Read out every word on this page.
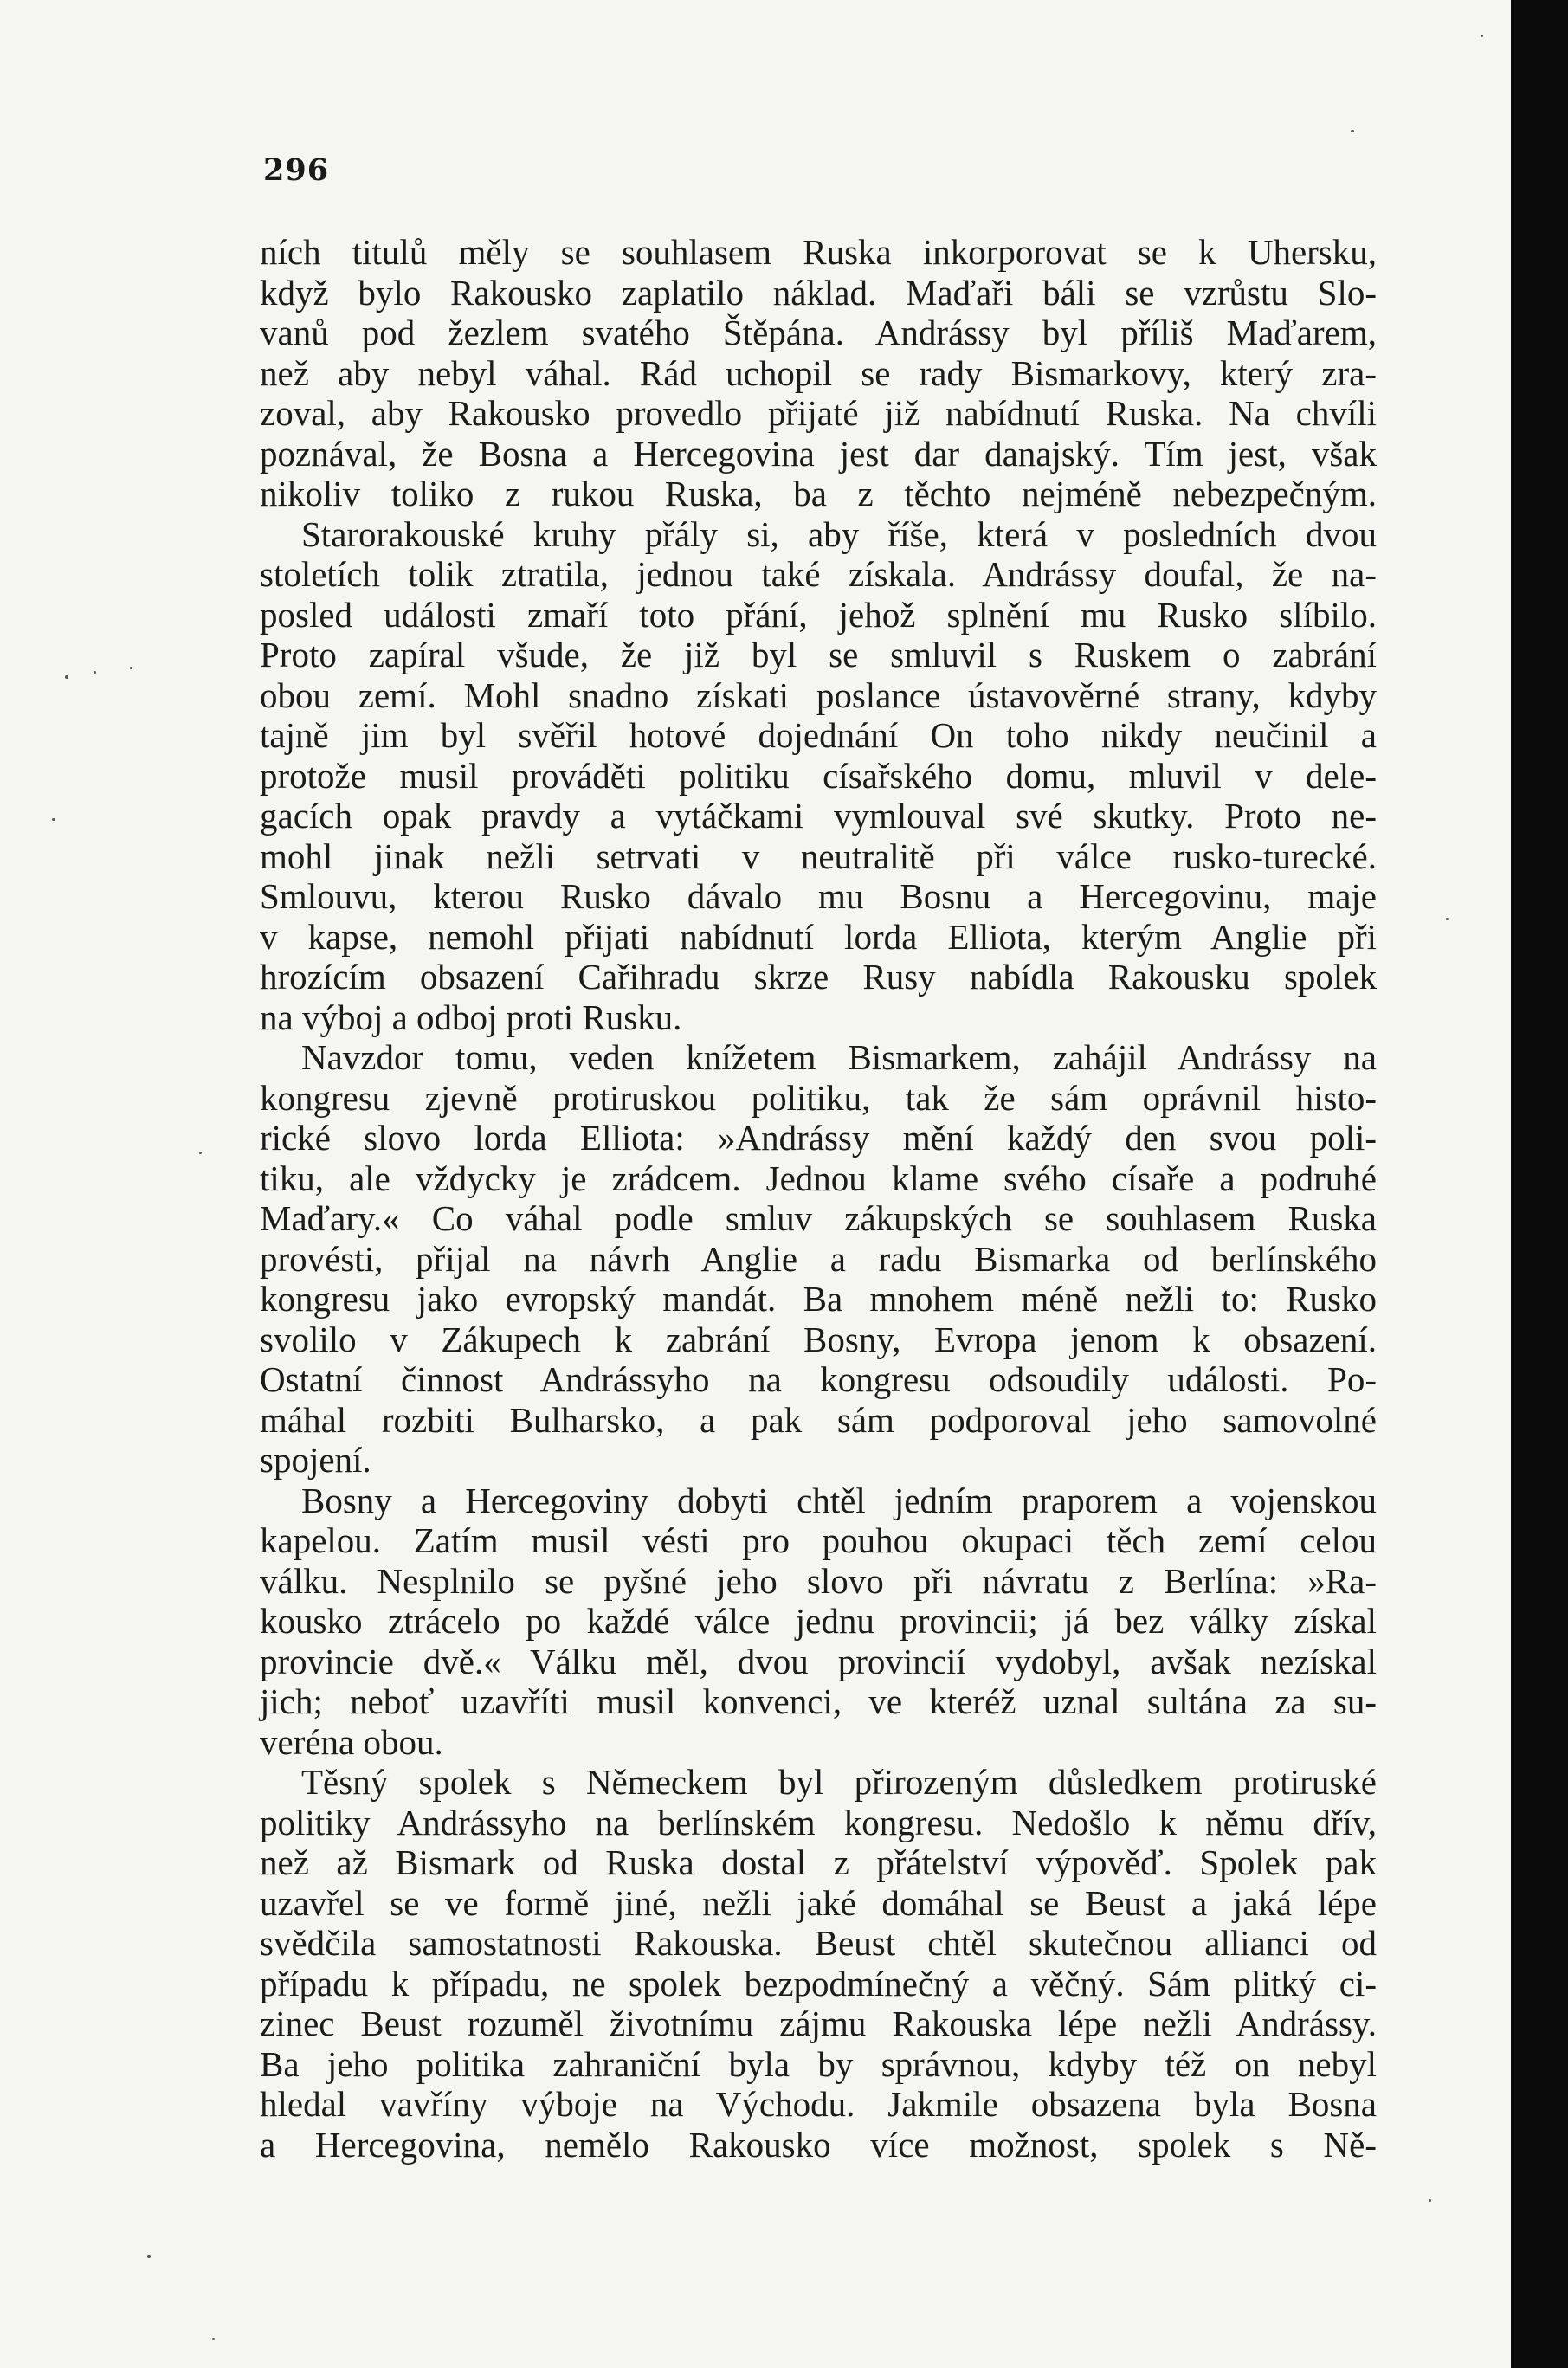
296
ních titulů měly se souhlasem Ruska inkorporovat se k Uhersku,
když bylo Rakousko zaplatilo náklad. Maďaři báli se vzrůstu Slo-
vanů pod žezlem svatého Štěpána. Andrássy byl příliš Maďarem,
než aby nebyl váhal. Rád uchopil se rady Bismarkovy, který zra-
zoval, aby Rakousko provedlo přijaté již nabídnutí Ruska. Na chvíli
poznával, že Bosna a Hercegovina jest dar danajský. Tím jest, však
nikoliv toliko z rukou Ruska, ba z těchto nejméně nebezpečným.
Starorakouské kruhy přály si, aby říše, která v posledních dvou
stoletích tolik ztratila, jednou také získala. Andrássy doufal, že na-
posled události zmaří toto přání, jehož splnění mu Rusko slíbilo.
Proto zapíral všude, že již byl se smluvil s Ruskem o zabrání
obou zemí. Mohl snadno získati poslance ústavověrné strany, kdyby
tajně jim byl svěřil hotové dojednání On toho nikdy neučinil a
protože musil prováděti politiku císařského domu, mluvil v dele-
gacích opak pravdy a vytáčkami vymlouval své skutky. Proto ne-
mohl jinak nežli setrvati v neutralitě při válce rusko-turecké.
Smlouvu, kterou Rusko dávalo mu Bosnu a Hercegovinu, maje
v kapse, nemohl přijati nabídnutí lorda Elliota, kterým Anglie při
hrozícím obsazení Cařihradu skrze Rusy nabídla Rakousku spolek
na výboj a odboj proti Rusku.
Navzdor tomu, veden knížetem Bismarkem, zahájil Andrássy na
kongresu zjevně protiruskou politiku, tak že sám oprávnil histo-
rické slovo lorda Elliota: »Andrássy mění každý den svou poli-
tiku, ale vždycky je zrádcem. Jednou klame svého císaře a podruhé
Maďary.« Co váhal podle smluv zákupských se souhlasem Ruska
provésti, přijal na návrh Anglie a radu Bismarka od berlínského
kongresu jako evropský mandát. Ba mnohem méně nežli to: Rusko
svolilo v Zákupech k zabrání Bosny, Evropa jenom k obsazení.
Ostatní činnost Andrássyho na kongresu odsoudily události. Po-
máhal rozbiti Bulharsko, a pak sám podporoval jeho samovolné
spojení.
Bosny a Hercegoviny dobyti chtěl jedním praporem a vojenskou
kapelou. Zatím musil vésti pro pouhou okupaci těch zemí celou
válku. Nesplnilo se pyšné jeho slovo při návratu z Berlína: »Ra-
kousko ztrácelo po každé válce jednu provincii; já bez války získal
provincie dvě.« Válku měl, dvou provincií vydobyl, avšak nezískal
jich; neboť uzavříti musil konvenci, ve kteréž uznal sultána za su-
veréna obou.
Těsný spolek s Německem byl přirozeným důsledkem protiruské
politiky Andrássyho na berlínském kongresu. Nedošlo k němu dřív,
než až Bismark od Ruska dostal z přátelství výpověď. Spolek pak
uzavřel se ve formě jiné, nežli jaké domáhal se Beust a jaká lépe
svědčila samostatnosti Rakouska. Beust chtěl skutečnou allianci od
případu k případu, ne spolek bezpodmínečný a věčný. Sám plitký ci-
zinec Beust rozuměl životnímu zájmu Rakouska lépe nežli Andrássy.
Ba jeho politika zahraniční byla by správnou, kdyby též on nebyl
hledal vavříny výboje na Východu. Jakmile obsazena byla Bosna
a Hercegovina, nemělo Rakousko více možnost, spolek s Ně-
